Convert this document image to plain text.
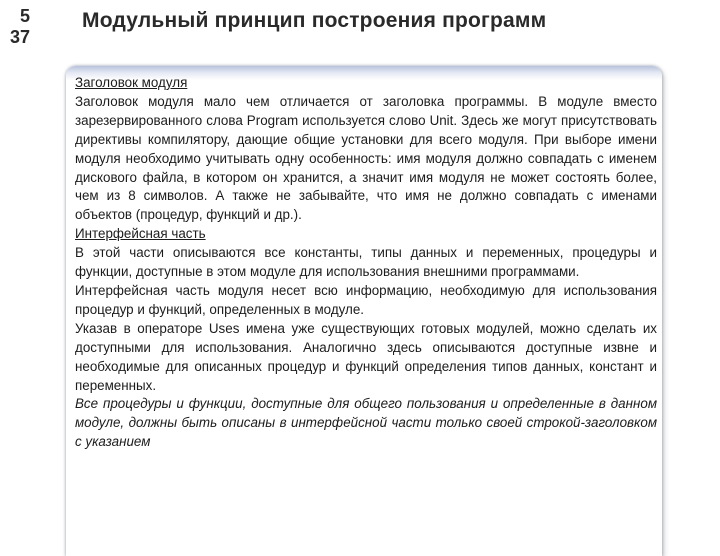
5
37
Модульный принцип построения программ

Заголовок модуля

Заголовок модуля мало чем отличается от заголовка программы. В модуле вместо зарезервированного слова Program используется слово Unit. Здесь же могут присутствовать директивы компилятору, дающие общие установки для всего модуля. При выборе имени модуля необходимо учитывать одну особенность: имя модуля должно совпадать с именем дискового файла, в котором он хранится, а значит имя модуля не может состоять более, чем из 8 символов. А также не забывайте, что имя не должно совпадать с именами объектов (процедур, функций и др.).

Интерфейсная часть

В этой части описываются все константы, типы данных и переменных, процедуры и функции, доступные в этом модуле для использования внешними программами.

Интерфейсная часть модуля несет всю информацию, необходимую для использования процедур и функций, определенных в модуле.

Указав в операторе Uses имена уже существующих готовых модулей, можно сделать их доступными для использования. Аналогично здесь описываются доступные извне и необходимые для описанных процедур и функций определения типов данных, констант и переменных.

Все процедуры и функции, доступные для общего пользования и определенные в данном модуле, должны быть описаны в интерфейсной части только своей строкой-заголовком с указанием
